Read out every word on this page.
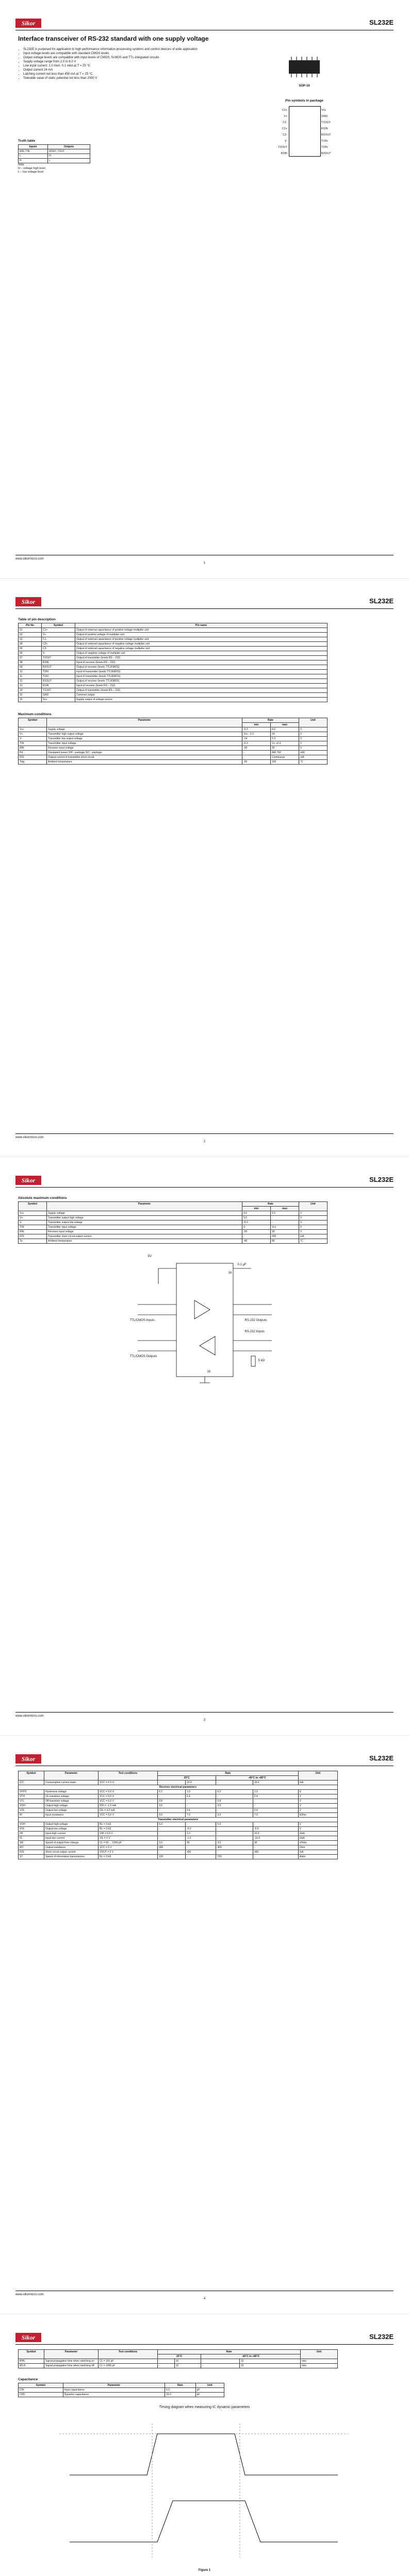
Sikor	SL232E
Interface transceiver of RS-232 standard with one supply voltage
• SL232E is purposed for application in high performance information processing systems and control devices of wide application
• Input voltage levels are compatible with standard CMOS levels
• Output voltage levels are compatible with input levels of CMOS, N-MOS and TTL-integrated circuits
• Supply voltage range from 2.0 to 6.0 V
• Low input current: 1.0 mkA; 0.1 mkA at T = 25 °C
• Output current 24 mA
• Latching current not less than 450 mA at T = 25 °C
• Tolerable value of static potential not less than 2000 V
SOP-16
Pin symbols in package
C1+
V+
C1-
C2+
C2-
V-
T2OUT
R2IN
Vcc
GND
T1OUT
R1IN
R1OUT
T1IN
T2IN
R2OUT
Truth table
Inputs	Outputs
RIN, TIN	ROUT, TOUT
L	H
H	L
Note
H – voltage high level;
L – low voltage level
www.slkormicro.com
1
Sikor	SL232E
Table of pin description
Pin No	Symbol	Pin name
01	C1+	Output of external capacitance of positive voltage multiplier unit
02	V+	Output of positive voltage of multiplier unit
03	C1-	Output of external capacitance of positive voltage multiplier unit
04	C2+	Output of external capacitance of negative voltage multiplier unit
05	C2-	Output of external capacitance of negative voltage multiplier unit
06	V-	Output of negative voltage of multiplier unit
07	T2OUT	Output of transmitter (levels RS – 232)
08	R2IN	Input of receiver (levels RS – 232)
09	R2OUT	Output of receiver (levels TTL/KMOS)
10	T2IN	Input of transmitter (levels TTL/KMOS)
11	T1IN	Input of transmitter (levels TTL/KMOS)
12	R1OUT	Output of receiver (levels TTL/KMOS)
13	R1IN	Input of receiver (levels RS – 232)
14	T1OUT	Output of transmitter (levels RS – 232)
15	GND	Common output
16	Vcc	Supply output of voltage source
Maximum conditions
Symbol	Parameter	Rate		Unit
		min	max	
Vcc	Supply voltage	-0.3	6.0	V
V+	Transmitter high output voltage	Vcc - 0.3	14	V
V-	Transmitter low output voltage	-14	0.3	V
TIN	Transmitter input voltage	-0.3	V+ +0.3	V
RIN	Receiver input voltage	-30	30	V
Pd	Dissipated power DIP - package SIC - package	-	842 762	mW
IOS	Output current of transmitter short circuit	-	Continuous	mA
Tstg	Ambient temperature	-65	150	°C
www.slkormicro.com
2
Sikor	SL232E
Absolute maximum conditions
Symbol	Parameter	Rate		Unit
		min	max	
Vcc	Supply voltage	4.5	5.5	V
V+	Transmitter output high voltage	5.0	-	V
V-	Transmitter output low voltage	-5.0	-	V
TIN	Transmitter input voltage	0	Vcc	V
RIN	Receiver input voltage	-30	30	V
IOS	Transmitter short circuit output current	-	±60	mA
Ta	Ambient temperature	-40	85	°C
5V
0.1 µF
TTL/CMOS Inputs	RS-232 Outputs
TTL/CMOS Outputs
RS-232 Inputs
5 kΩ
16
15
www.slkormicro.com
3
Sikor	SL232E
Symbol	Parameter	Test conditions	Rate				Unit
			25°C		-40°C to +85°C		
ICC	Consumption current static	VCC = 5.5 V	-	10.0	-	15.0	mA
Receiver electrical parameters							
VHYS	Hysteresis voltage	VCC = 5.0 V	0.2	1.0	0.2	1.0	V
VTH	On transition voltage	VCC = 5.0 V	-	2.4	-	2.4	V
VTL	Off transition voltage	VCC = 5.0 V	0.8	-	0.8	-	V
VOH	Output high voltage	IOH = -1.0 mA	3.5	-	3.5	-	V
VOL	Output low voltage	IOL = 3.2 mA	-	0.4	-	0.4	V
RI	Input resistance	VCC = 5.0 V	3.0	7.0	3.0	7.0	kOhm
Transmitter electrical parameters							
VOH	Output high voltage	RL = 3 kΩ	5.0	-	5.0	-	V
VOL	Output low voltage	RL = 3 kΩ	-	-5.0	-	-5.0	V
IIH	Input high current	VIH = 5.0 V	-	1.0	-	10.0	mkA
IIL	Input low current	VIL = 0 V	-	-1.0	-	-10.0	mkA
SR	Speed of output front change	CL = 50 ... 1000 pF	3.0	30	3.0	30	V/mks
RO	Output resistance	VCC = 0 V	300	-	300	-	Ohm
IOS	Short circuit output current	VOUT = 0 V	-	±60	-	±60	mA
ST	Speed of information transmission	RL = 3 kΩ	120	-	120	-	kbit/s
www.slkormicro.com
4
Sikor	SL232E
Symbol	Parameter	Test conditions	Rate				Unit
			25°C		-40°C to +85°C		
tPHL	Signal propagation time when switching on	CL = 150 pF	-	10	-	10	mks
tPLH	Signal propagation time when switching off	CL = 1000 pF	-	10	-	10	mks
Capacitance
Symbol	Parameter	Rate	Unit
CIN	Input capacitance	5.0	pF
CPD	Dynamic capacitance	15.0	pF
Timing diagram when measuring IC dynamic parameters
Figure 1
